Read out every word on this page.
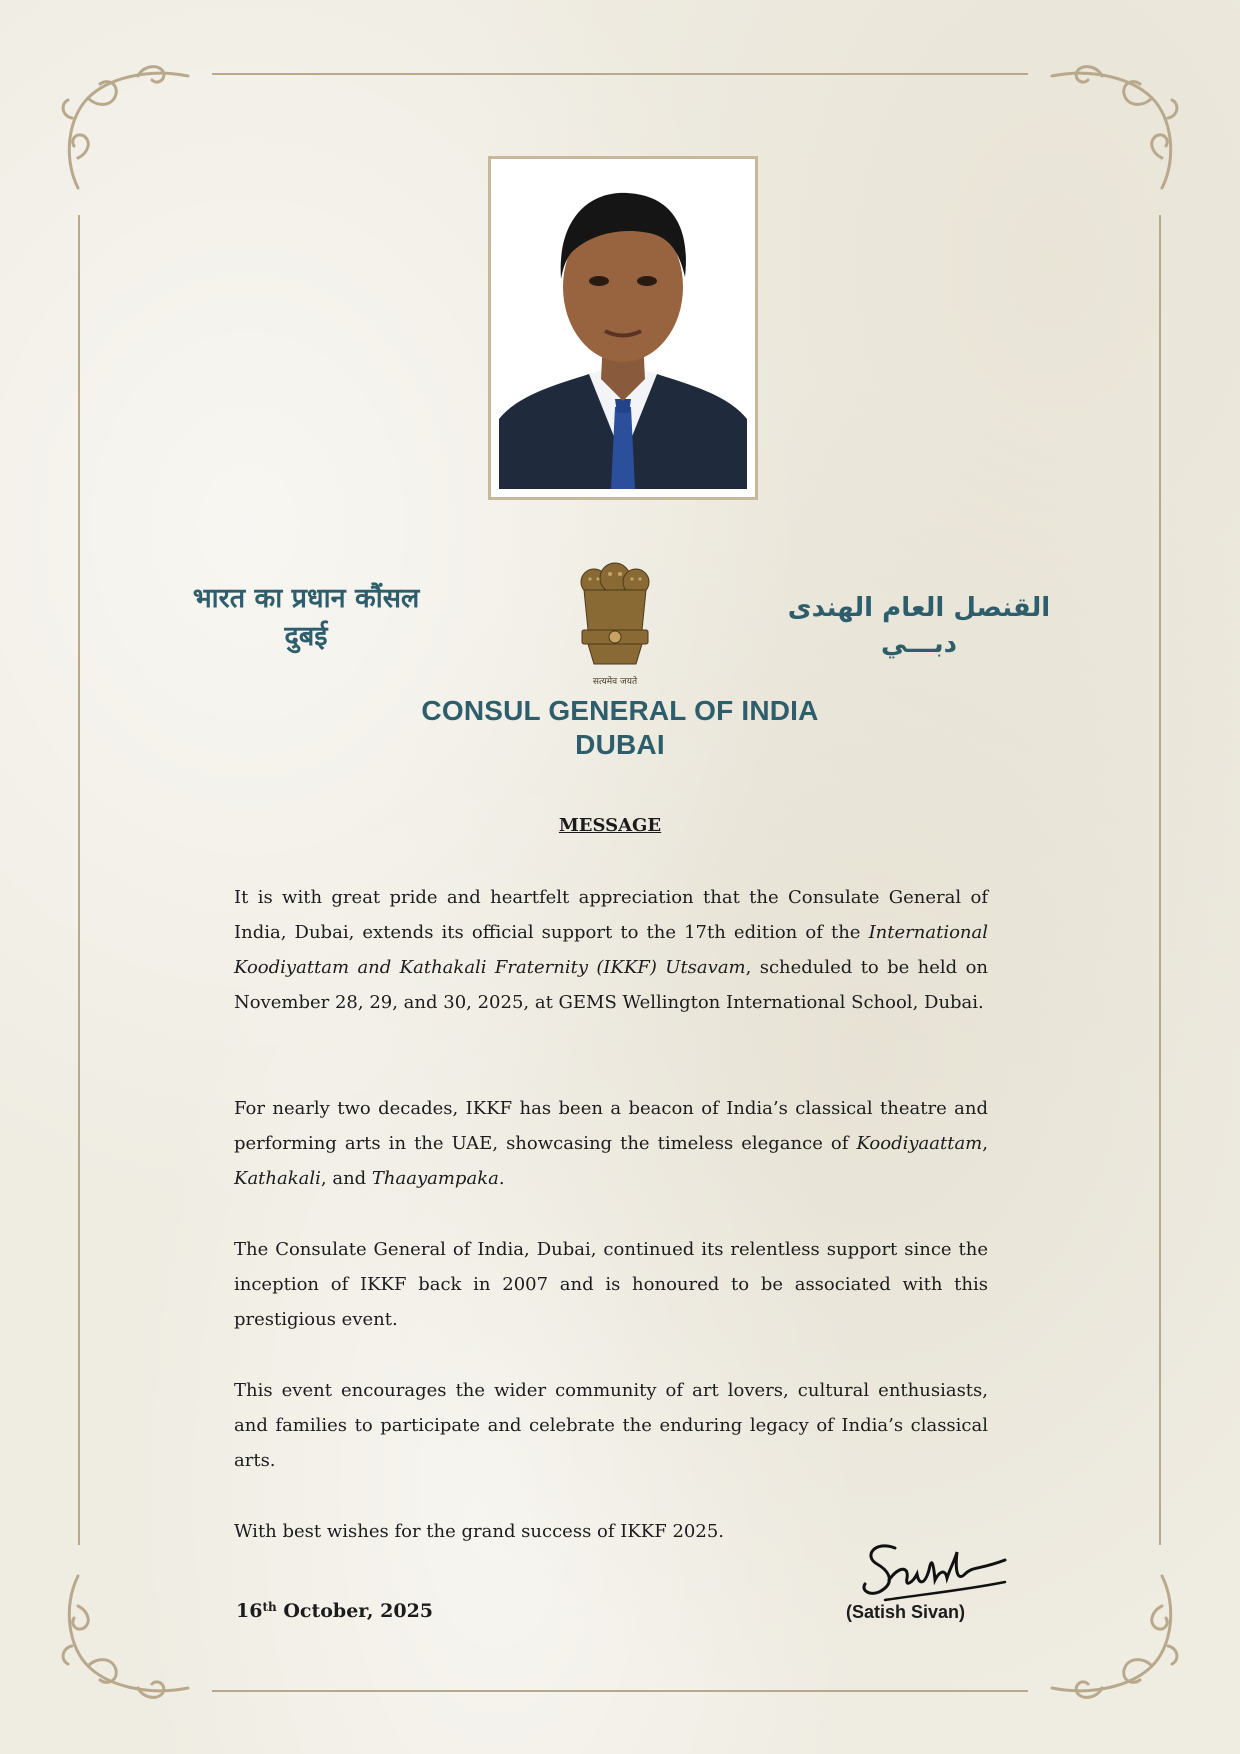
भारत का प्रधान कौंसल
दुबई
القنصل العام الهندى
دبـــي
सत्यमेव जयते
CONSUL GENERAL OF INDIA
DUBAI
MESSAGE

It is with great pride and heartfelt appreciation that the Consulate General of India, Dubai, extends its official support to the 17th edition of the International Koodiyattam and Kathakali Fraternity (IKKF) Utsavam, scheduled to be held on November 28, 29, and 30, 2025, at GEMS Wellington International School, Dubai.

For nearly two decades, IKKF has been a beacon of India’s classical theatre and performing arts in the UAE, showcasing the timeless elegance of Koodiyaattam, Kathakali, and Thaayampaka.

The Consulate General of India, Dubai, continued its relentless support since the inception of IKKF back in 2007 and is honoured to be associated with this prestigious event.

This event encourages the wider community of art lovers, cultural enthusiasts, and families to participate and celebrate the enduring legacy of India’s classical arts.

With best wishes for the grand success of IKKF 2025.

16th October, 2025	(Satish Sivan)
